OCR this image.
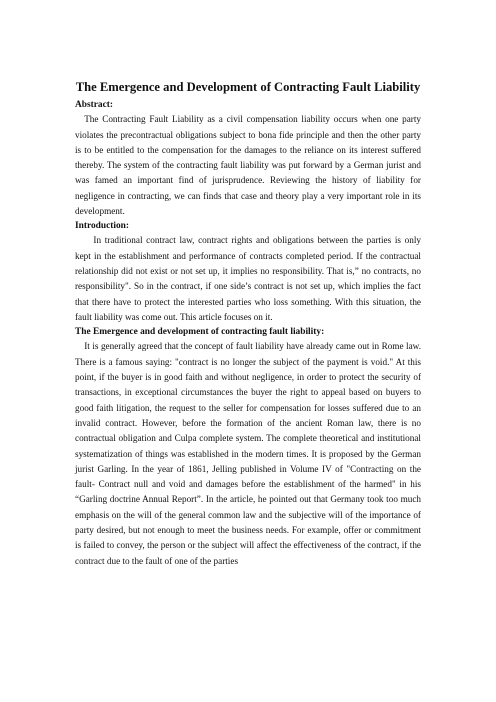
The Emergence and Development of Contracting Fault Liability
Abstract:

The Contracting Fault Liability as a civil compensation liability occurs when one party violates the precontractual obligations subject to bona fide principle and then the other party is to be entitled to the compensation for the damages to the reliance on its interest suffered thereby. The system of the contracting fault liability was put forward by a German jurist and was famed an important find of jurisprudence. Reviewing the history of liability for negligence in contracting, we can finds that case and theory play a very important role in its development.

Introduction:

In traditional contract law, contract rights and obligations between the parties is only kept in the establishment and performance of contracts completed period. If the contractual relationship did not exist or not set up, it implies no responsibility. That is,” no contracts, no responsibility". So in the contract, if one side’s contract is not set up, which implies the fact that there have to protect the interested parties who loss something. With this situation, the fault liability was come out. This article focuses on it.

The Emergence and development of contracting fault liability:

It is generally agreed that the concept of fault liability have already came out in Rome law. There is a famous saying: "contract is no longer the subject of the payment is void." At this point, if the buyer is in good faith and without negligence, in order to protect the security of transactions, in exceptional circumstances the buyer the right to appeal based on buyers to good faith litigation, the request to the seller for compensation for losses suffered due to an invalid contract. However, before the formation of the ancient Roman law, there is no contractual obligation and Culpa complete system. The complete theoretical and institutional systematization of things was established in the modern times. It is proposed by the German jurist Garling. In the year of 1861, Jelling published in Volume IV of "Contracting on the fault- Contract null and void and damages before the establishment of the harmed" in his “Garling doctrine Annual Report”. In the article, he pointed out that Germany took too much emphasis on the will of the general common law and the subjective will of the importance of party desired, but not enough to meet the business needs. For example, offer or commitment is failed to convey, the person or the subject will affect the effectiveness of the contract, if the contract due to the fault of one of the parties
